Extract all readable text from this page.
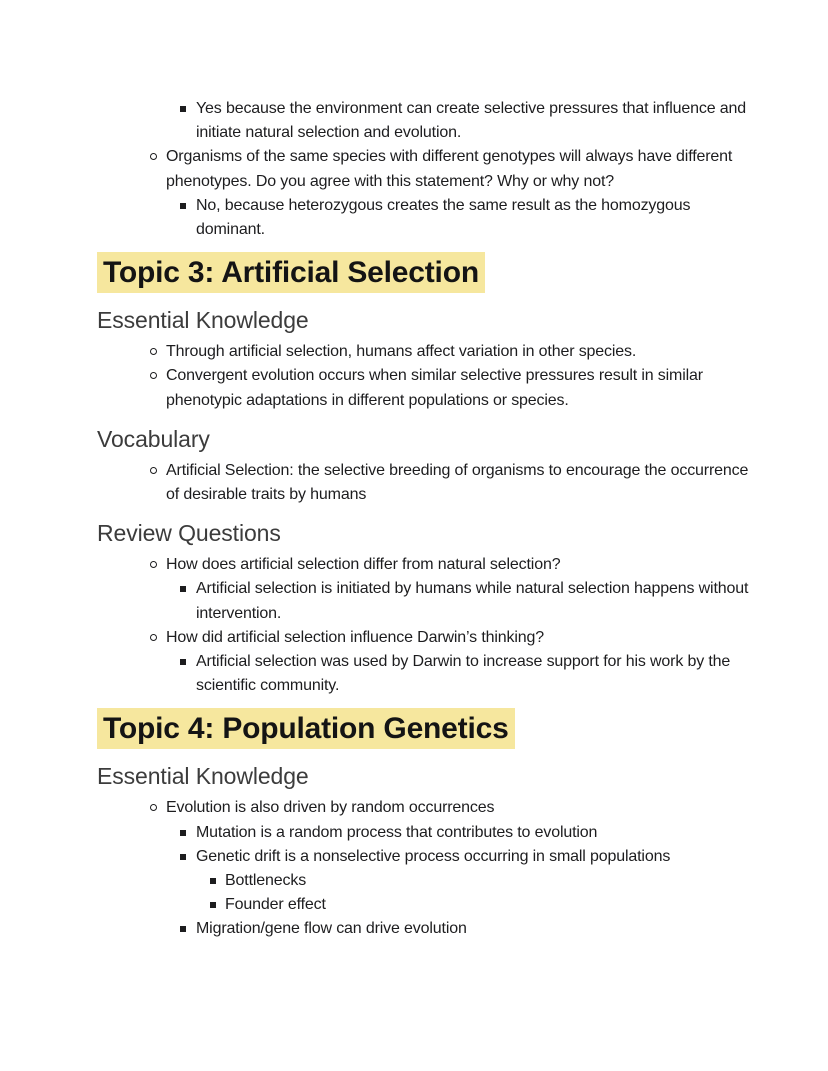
Yes because the environment can create selective pressures that influence and initiate natural selection and evolution.
Organisms of the same species with different genotypes will always have different phenotypes. Do you agree with this statement? Why or why not?
No, because heterozygous creates the same result as the homozygous dominant.
Topic 3: Artificial Selection
Essential Knowledge
Through artificial selection, humans affect variation in other species.
Convergent evolution occurs when similar selective pressures result in similar phenotypic adaptations in different populations or species.
Vocabulary
Artificial Selection: the selective breeding of organisms to encourage the occurrence of desirable traits by humans
Review Questions
How does artificial selection differ from natural selection?
Artificial selection is initiated by humans while natural selection happens without intervention.
How did artificial selection influence Darwin’s thinking?
Artificial selection was used by Darwin to increase support for his work by the scientific community.
Topic 4: Population Genetics
Essential Knowledge
Evolution is also driven by random occurrences
Mutation is a random process that contributes to evolution
Genetic drift is a nonselective process occurring in small populations
Bottlenecks
Founder effect
Migration/gene flow can drive evolution
